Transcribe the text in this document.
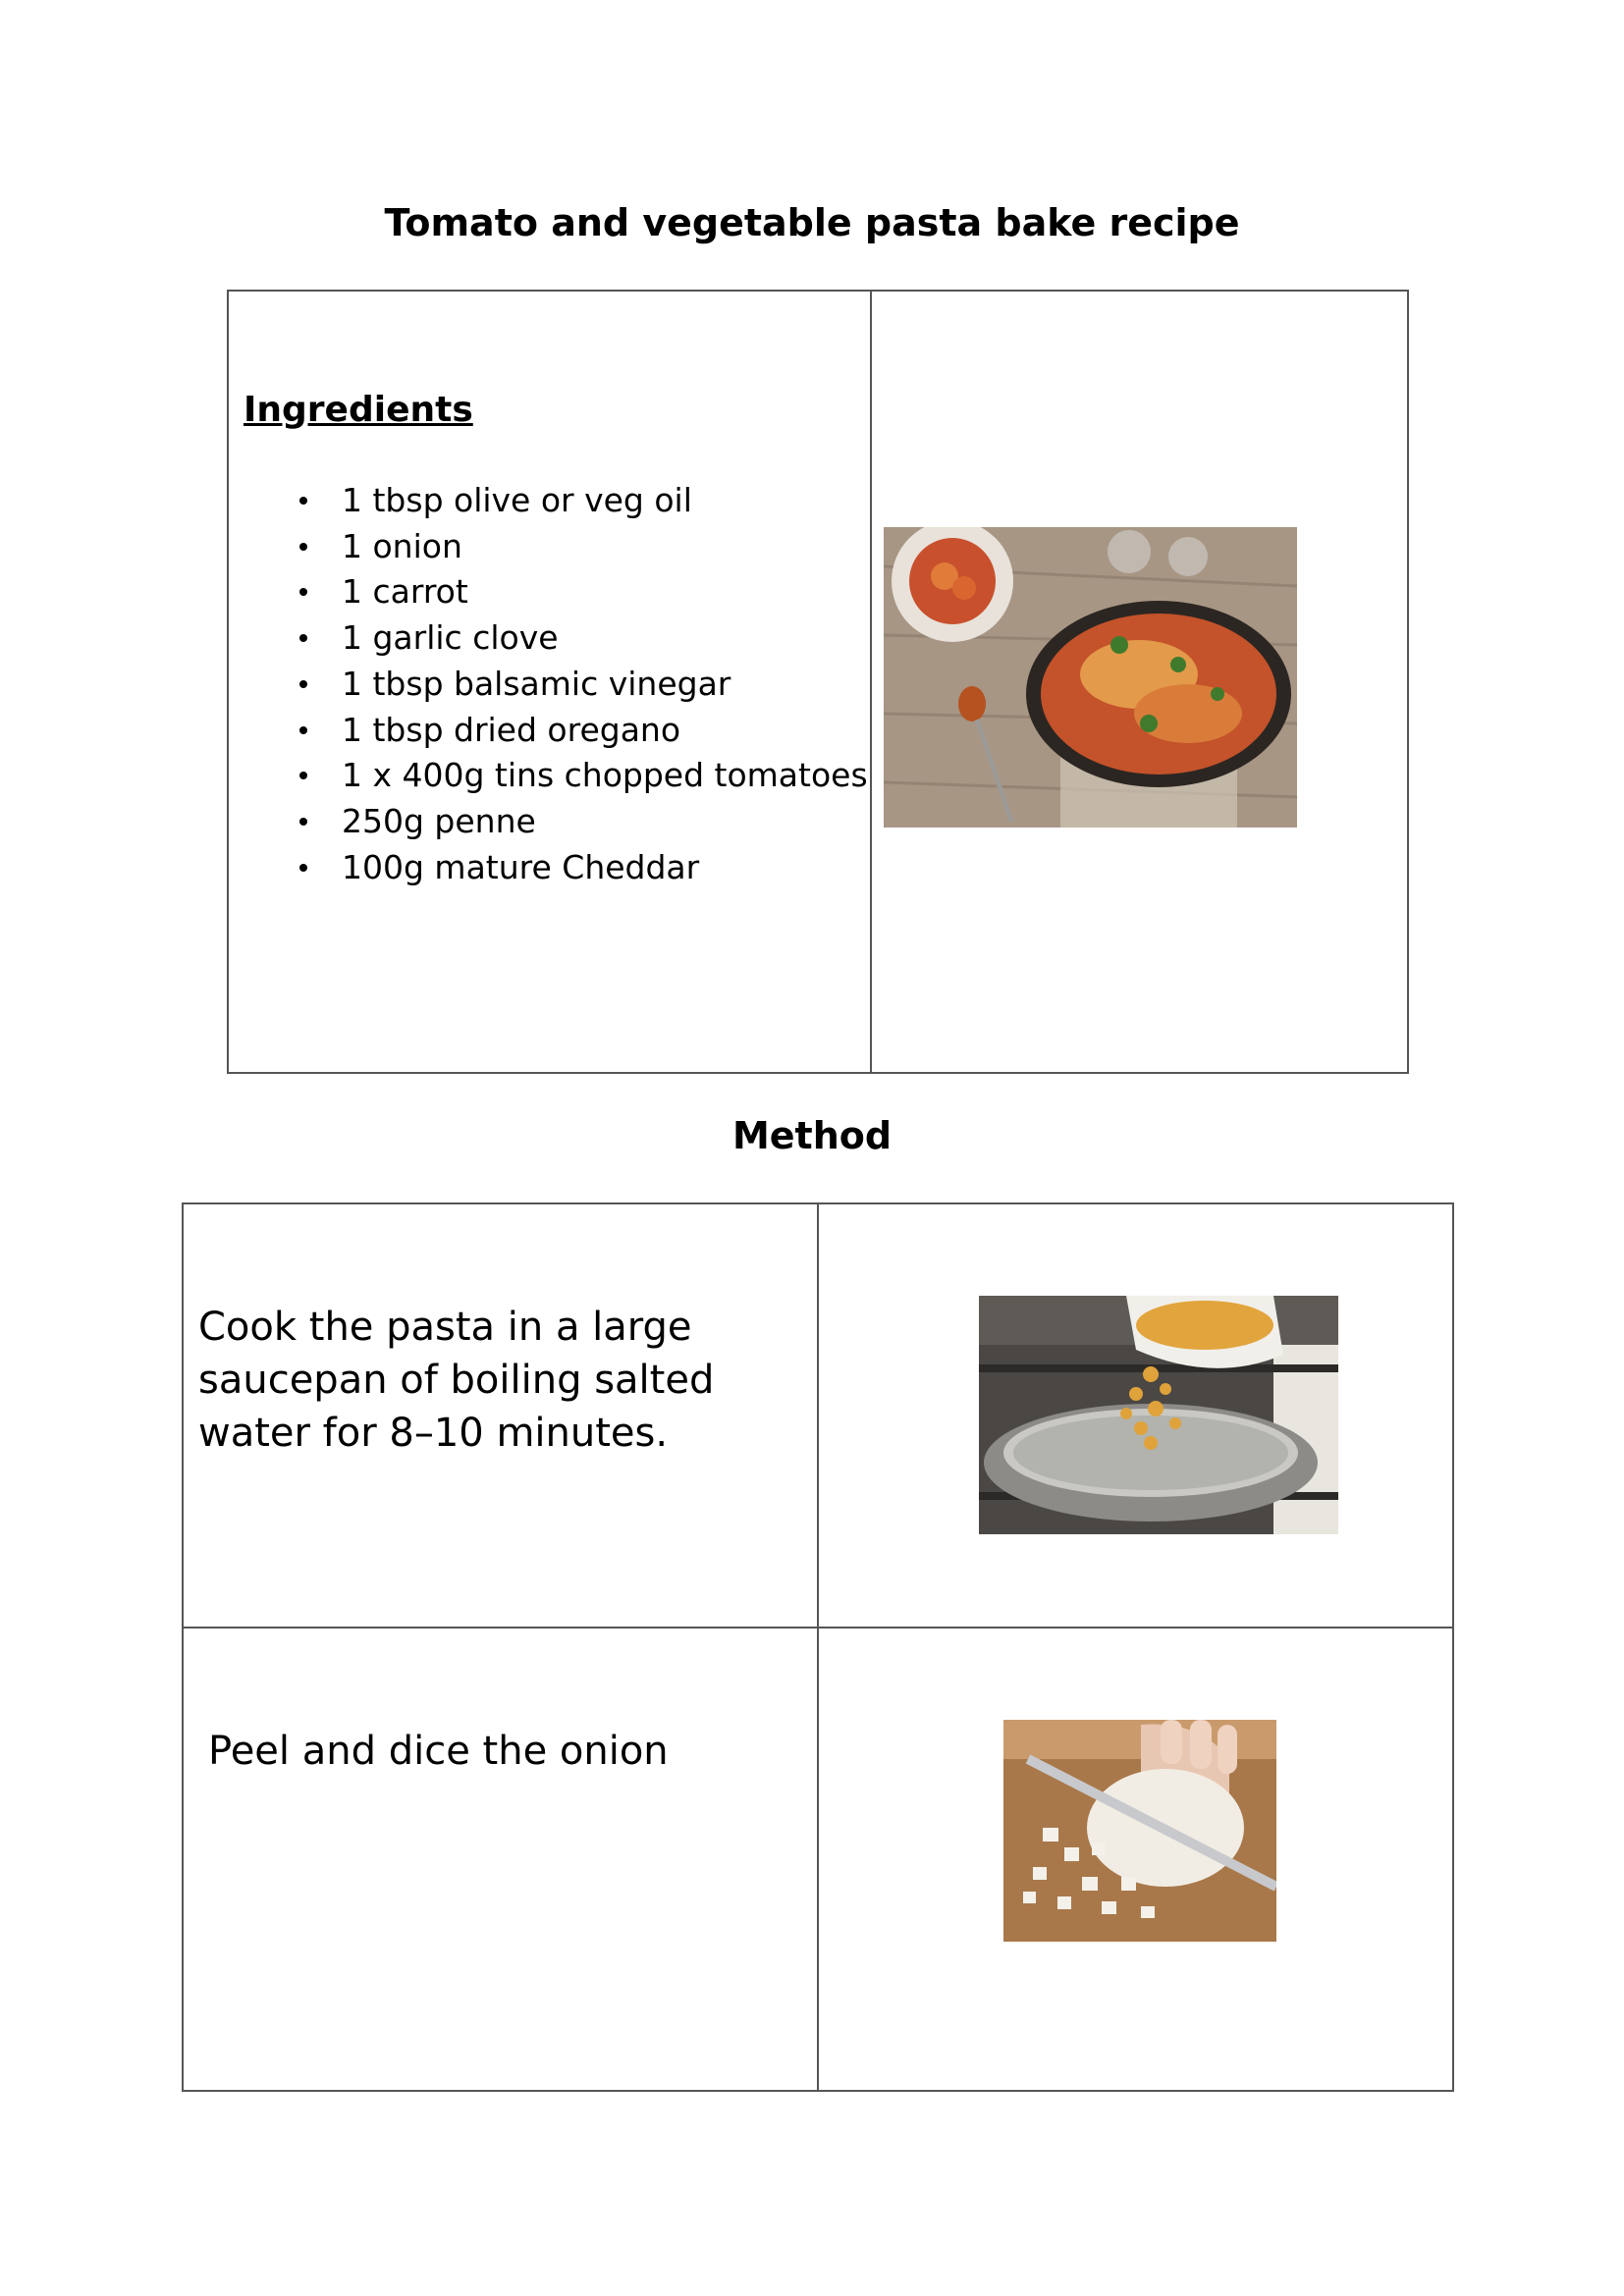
Tomato and vegetable pasta bake recipe
Ingredients
1 tbsp olive or veg oil
1 onion
1 carrot
1 garlic clove
1 tbsp balsamic vinegar
1 tbsp dried oregano
1 x 400g tins chopped tomatoes
250g penne
100g mature Cheddar

Method
Cook the pasta in a large saucepan of boiling salted water for 8–10 minutes.

Peel and dice the onion
